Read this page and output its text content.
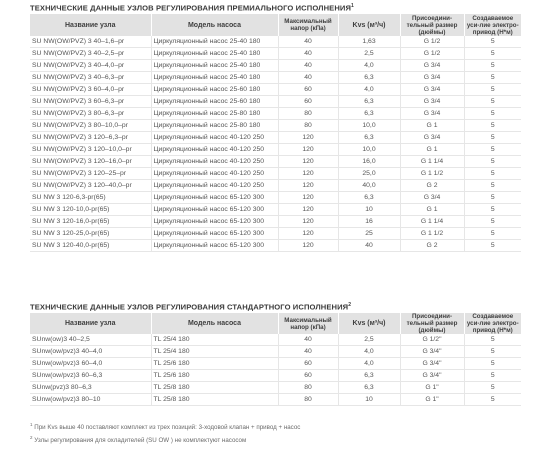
ТЕХНИЧЕСКИЕ ДАННЫЕ УЗЛОВ РЕГУЛИРОВАНИЯ ПРЕМИАЛЬНОГО ИСПОЛНЕНИЯ$^1$
Название узла	Модель насоса	Максимальный напор (кПа)	Kvs (м³/ч)	Присоедини-тельный размер (дюймы)	Создаваемое уси-лие электро-привод (Н*м)
SU NW(OW/PVZ) 3 40–1,6–pr	Циркуляционный насос 25-40 180	40	1,63	G 1/2	5
SU NW(OW/PVZ) 3 40–2,5–pr	Циркуляционный насос 25-40 180	40	2,5	G 1/2	5
SU NW(OW/PVZ) 3 40–4,0–pr	Циркуляционный насос 25-40 180	40	4,0	G 3/4	5
SU NW(OW/PVZ) 3 40–6,3–pr	Циркуляционный насос 25-40 180	40	6,3	G 3/4	5
SU NW(OW/PVZ) 3 60–4,0–pr	Циркуляционный насос 25-60 180	60	4,0	G 3/4	5
SU NW(OW/PVZ) 3 60–6,3–pr	Циркуляционный насос 25-60 180	60	6,3	G 3/4	5
SU NW(OW/PVZ) 3 80–6,3–pr	Циркуляционный насос 25-80 180	80	6,3	G 3/4	5
SU NW(OW/PVZ) 3 80–10,0–pr	Циркуляционный насос 25-80 180	80	10,0	G 1	5
SU NW(OW/PVZ) 3 120–6,3–pr	Циркуляционный насос 40-120 250	120	6,3	G 3/4	5
SU NW(OW/PVZ) 3 120–10,0–pr	Циркуляционный насос 40-120 250	120	10,0	G 1	5
SU NW(OW/PVZ) 3 120–16,0–pr	Циркуляционный насос 40-120 250	120	16,0	G 1 1/4	5
SU NW(OW/PVZ) 3 120–25–pr	Циркуляционный насос 40-120 250	120	25,0	G 1 1/2	5
SU NW(OW/PVZ) 3 120–40,0–pr	Циркуляционный насос 40-120 250	120	40,0	G 2	5
SU NW 3 120-6,3-pr(65)	Циркуляционный насос 65-120 300	120	6,3	G 3/4	5
SU NW 3 120-10,0-pr(65)	Циркуляционный насос 65-120 300	120	10	G 1	5
SU NW 3 120-16,0-pr(65)	Циркуляционный насос 65-120 300	120	16	G 1 1/4	5
SU NW 3 120-25,0-pr(65)	Циркуляционный насос 65-120 300	120	25	G 1 1/2	5
SU NW 3 120-40,0-pr(65)	Циркуляционный насос 65-120 300	120	40	G 2	5
ТЕХНИЧЕСКИЕ ДАННЫЕ УЗЛОВ РЕГУЛИРОВАНИЯ СТАНДАРТНОГО ИСПОЛНЕНИЯ$^2$
Название узла	Модель насоса	Максимальный напор (кПа)	Kvs (м³/ч)	Присоедини-тельный размер (дюймы)	Создаваемое уси-лие электро-привод (Н*м)
SUnw(ow)3 40–2,5	TL 25/4 180	40	2,5	G 1/2"	5
SUnw(ow/pvz)3 40–4,0	TL 25/4 180	40	4,0	G 3/4"	5
SUnw(ow/pvz)3 60–4,0	TL 25/6 180	60	4,0	G 3/4"	5
SUnw(ow/pvz)3 60–6,3	TL 25/6 180	60	6,3	G 3/4"	5
SUnw(pvz)3 80–6,3	TL 25/8 180	80	6,3	G 1"	5
SUnw(ow/pvz)3 80–10	TL 25/8 180	80	10	G 1"	5
$^1$ При Kvs выше 40 поставляют комплект из трех позиций: 3-ходовой клапан + привод + насос
$^2$ Узлы регулирования для охладителей (SU OW ) не комплектуют насосом
